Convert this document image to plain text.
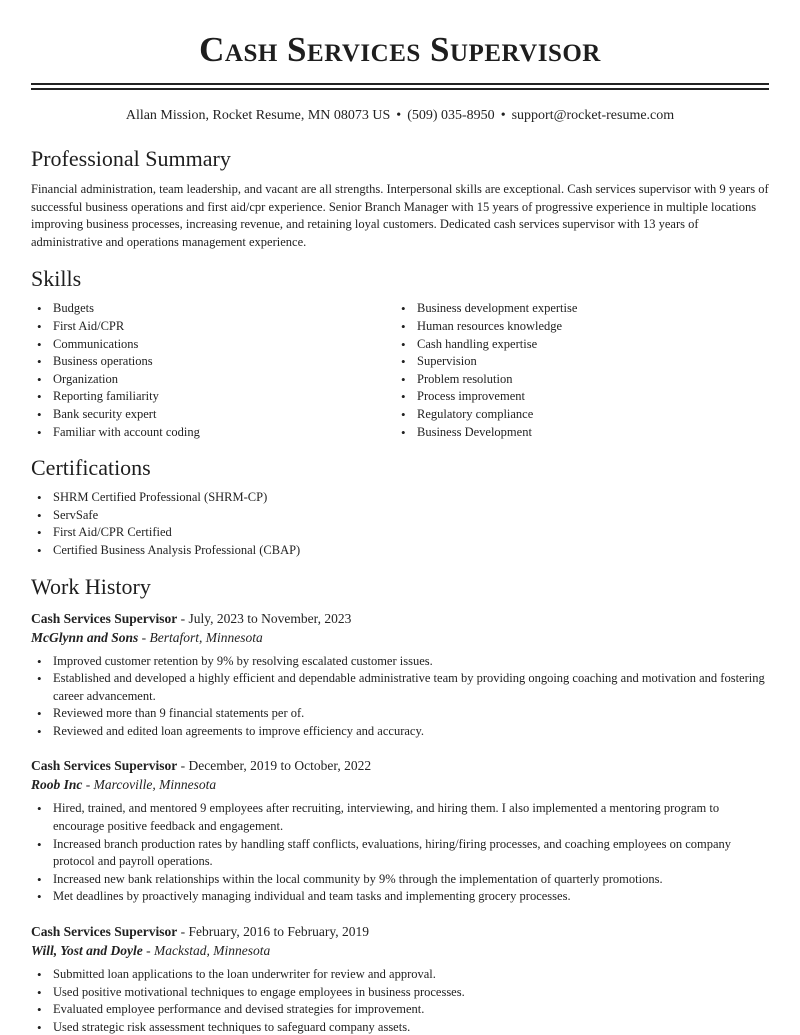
Cash Services Supervisor
Allan Mission, Rocket Resume, MN 08073 US • (509) 035-8950 • support@rocket-resume.com
Professional Summary

Financial administration, team leadership, and vacant are all strengths. Interpersonal skills are exceptional. Cash services supervisor with 9 years of successful business operations and first aid/cpr experience. Senior Branch Manager with 15 years of progressive experience in multiple locations improving business processes, increasing revenue, and retaining loyal customers. Dedicated cash services supervisor with 13 years of administrative and operations management experience.

Skills
• Budgets
• First Aid/CPR
• Communications
• Business operations
• Organization
• Reporting familiarity
• Bank security expert
• Familiar with account coding
• Business development expertise
• Human resources knowledge
• Cash handling expertise
• Supervision
• Problem resolution
• Process improvement
• Regulatory compliance
• Business Development
Certifications
• SHRM Certified Professional (SHRM-CP)
• ServSafe
• First Aid/CPR Certified
• Certified Business Analysis Professional (CBAP)
Work History
Cash Services Supervisor - July, 2023 to November, 2023
McGlynn and Sons - Bertafort, Minnesota
• Improved customer retention by 9% by resolving escalated customer issues.
• Established and developed a highly efficient and dependable administrative team by providing ongoing coaching and motivation and fostering career advancement.
• Reviewed more than 9 financial statements per of.
• Reviewed and edited loan agreements to improve efficiency and accuracy.
Cash Services Supervisor - December, 2019 to October, 2022
Roob Inc - Marcoville, Minnesota
• Hired, trained, and mentored 9 employees after recruiting, interviewing, and hiring them. I also implemented a mentoring program to encourage positive feedback and engagement.
• Increased branch production rates by handling staff conflicts, evaluations, hiring/firing processes, and coaching employees on company protocol and payroll operations.
• Increased new bank relationships within the local community by 9% through the implementation of quarterly promotions.
• Met deadlines by proactively managing individual and team tasks and implementing grocery processes.
Cash Services Supervisor - February, 2016 to February, 2019
Will, Yost and Doyle - Mackstad, Minnesota
• Submitted loan applications to the loan underwriter for review and approval.
• Used positive motivational techniques to engage employees in business processes.
• Evaluated employee performance and devised strategies for improvement.
• Used strategic risk assessment techniques to safeguard company assets.
